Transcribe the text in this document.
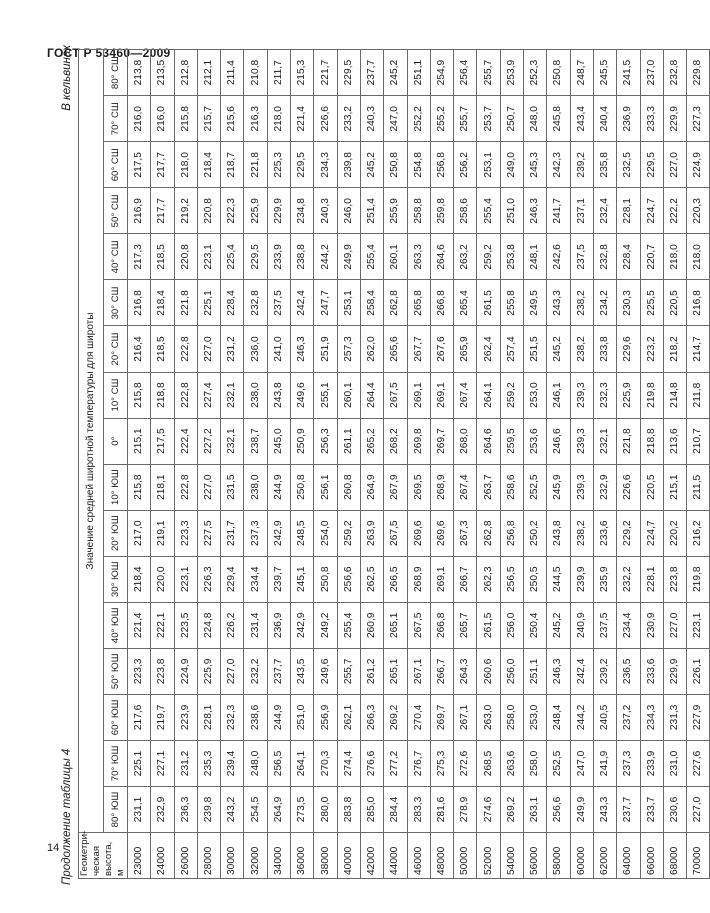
ГОСТ Р 53460—2009
Продолжение таблицы 4
В кельвинах
Геометри-ческая высота, м	Значение средней широтной температуры для широты																
	80° ЮШ	70° ЮШ	60° ЮШ	50° ЮШ	40° ЮШ	30° ЮШ	20° ЮШ	10° ЮШ	0°	10° СШ	20° СШ	30° СШ	40° СШ	50° СШ	60° СШ	70° СШ	80° СШ
23000	231,1	225,1	217,6	223,3	221,4	218,4	217,0	215,8	215,1	215,8	216,4	216,8	217,3	216,9	217,5	216,0	213,8
24000	232,9	227,1	219,7	223,8	222,1	220,0	219,1	218,1	217,5	218,8	218,5	218,4	218,5	217,7	217,7	216,0	213,5
26000	236,3	231,2	223,9	224,9	223,5	223,1	223,3	222,8	222,4	222,8	222,8	221,8	220,8	219,2	218,0	215,8	212,8
28000	239,8	235,3	228,1	225,9	224,8	226,3	227,5	227,0	227,2	227,4	227,0	225,1	223,1	220,8	218,4	215,7	212,1
30000	243,2	239,4	232,3	227,0	226,2	229,4	231,7	231,5	232,1	232,1	231,2	228,4	225,4	222,3	218,7	215,6	211,4
32000	254,5	248,0	238,6	232,2	231,4	234,4	237,3	238,0	238,7	238,0	236,0	232,8	229,5	225,9	221,8	216,3	210,8
34000	264,9	256,5	244,9	237,7	236,9	239,7	242,9	244,9	245,0	243,8	241,0	237,5	233,9	229,9	225,3	218,0	211,7
36000	273,5	264,1	251,0	243,5	242,9	245,1	248,5	250,8	250,9	249,6	246,3	242,4	238,8	234,8	229,5	221,4	215,3
38000	280,0	270,3	256,9	249,6	249,2	250,8	254,0	256,1	256,3	255,1	251,9	247,7	244,2	240,3	234,3	226,6	221,7
40000	283,8	274,4	262,1	255,7	255,4	256,6	259,2	260,8	261,1	260,1	257,3	253,1	249,9	246,0	239,8	233,2	229,5
42000	285,0	276,6	266,3	261,2	260,9	262,5	263,9	264,9	265,2	264,4	262,0	258,4	255,4	251,4	245,2	240,3	237,7
44000	284,4	277,2	269,2	265,1	265,1	266,5	267,5	267,9	268,2	267,5	265,6	262,8	260,1	255,9	250,8	247,0	245,2
46000	283,3	276,7	270,4	267,1	267,5	268,9	269,6	269,5	269,8	269,1	267,7	265,8	263,3	258,8	254,8	252,2	251,1
48000	281,6	275,3	269,7	266,7	266,8	269,1	269,6	268,9	269,7	269,1	267,6	266,8	264,6	259,8	256,8	255,2	254,9
50000	278,9	272,6	267,1	264,3	265,7	266,7	267,3	267,4	268,0	267,4	265,9	265,4	263,2	258,6	256,2	255,7	256,4
52000	274,6	268,5	263,0	260,6	261,5	262,3	262,8	263,7	264,6	264,1	262,4	261,5	259,2	255,4	253,1	253,7	255,7
54000	269,2	263,6	258,0	256,0	256,0	256,5	256,8	258,6	259,5	259,2	257,4	255,8	253,8	251,0	249,0	250,7	253,9
56000	263,1	258,0	253,0	251,1	250,4	250,5	250,2	252,5	253,6	253,0	251,5	249,5	248,1	246,3	245,3	248,0	252,3
58000	256,6	252,5	248,4	246,3	245,2	244,5	243,8	245,9	246,6	246,1	245,2	243,3	242,6	241,7	242,3	245,8	250,8
60000	249,9	247,0	244,2	242,4	240,9	239,9	238,2	239,3	239,3	239,3	238,2	238,2	237,5	237,1	239,2	243,4	248,7
62000	243,3	241,9	240,5	239,2	237,5	235,9	233,6	232,9	232,1	232,3	233,8	234,2	232,8	232,4	235,8	240,4	245,5
64000	237,7	237,3	237,2	236,5	234,4	232,2	229,2	226,6	221,8	225,9	229,6	230,3	228,4	228,1	232,5	236,9	241,5
66000	233,7	233,9	234,3	233,6	230,9	228,1	224,7	220,5	218,8	219,8	223,2	225,5	220,7	224,7	229,5	233,3	237,0
68000	230,6	231,0	231,3	229,9	227,0	223,8	220,2	215,1	213,6	214,8	218,2	220,5	218,0	222,2	227,0	229,9	232,8
70000	227,0	227,6	227,9	226,1	223,1	219,8	216,2	211,5	210,7	211,8	214,7	216,8	218,0	220,3	224,9	227,3	229,8
14
